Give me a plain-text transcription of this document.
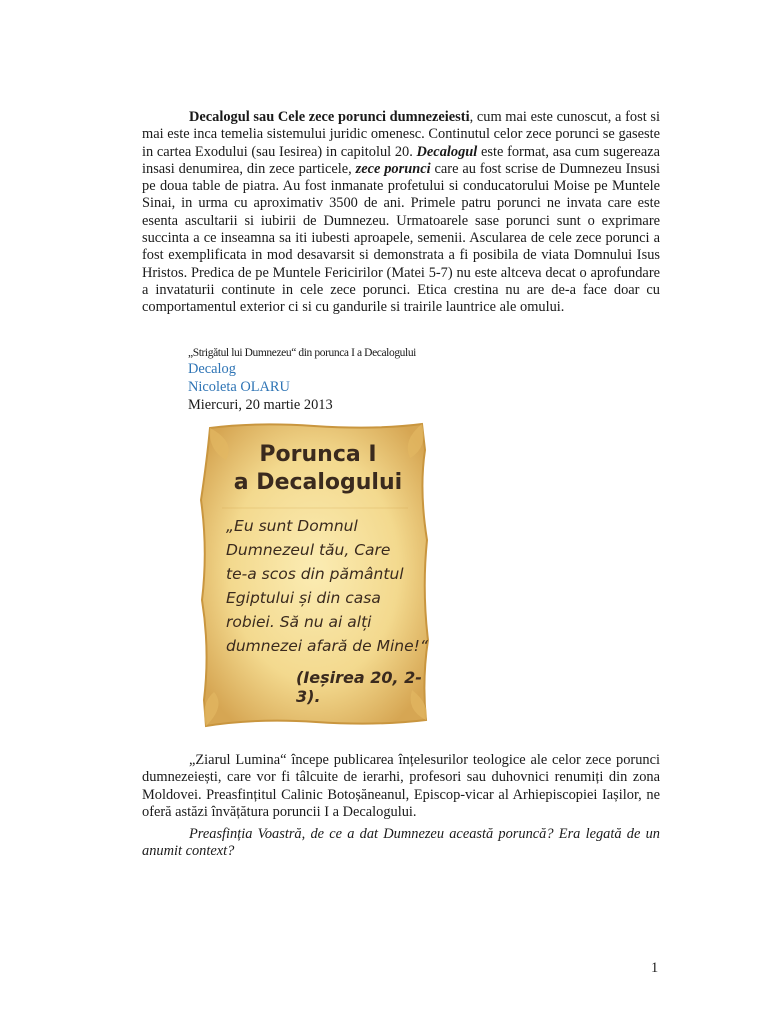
Decalogul sau Cele zece porunci dumnezeiesti, cum mai este cunoscut, a fost si mai este inca temelia sistemului juridic omenesc. Continutul celor zece porunci se gaseste in cartea Exodului (sau Iesirea) in capitolul 20. Decalogul este format, asa cum sugereaza insasi denumirea, din zece particele, zece porunci care au fost scrise de Dumnezeu Insusi pe doua table de piatra. Au fost inmanate profetului si conducatorului Moise pe Muntele Sinai, in urma cu aproximativ 3500 de ani. Primele patru porunci ne invata care este esenta ascultarii si iubirii de Dumnezeu. Urmatoarele sase porunci sunt o exprimare succinta a ce inseamna sa iti iubesti aproapele, semenii. Ascularea de cele zece porunci a fost exemplificata in mod desavarsit si demonstrata a fi posibila de viata Domnului Isus Hristos. Predica de pe Muntele Fericirilor (Matei 5-7) nu este altceva decat o aprofundare a invataturii continute in cele zece porunci. Etica crestina nu are de-a face doar cu comportamentul exterior ci si cu gandurile si trairile launtrice ale omului.

„Strigătul lui Dumnezeu“ din porunca I a Decalogului

Decalog

Nicoleta OLARU

Miercuri, 20 martie 2013

Porunca I
a Decalogului
„Eu sunt Domnul
Dumnezeul tău, Care
te-a scos din pământul
Egiptului și din casa
robiei. Să nu ai alți
dumnezei afară de Mine!“
(Ieșirea 20, 2-3).

„Ziarul Lumina“ începe publicarea înțelesurilor teologice ale celor zece porunci dumnezeiești, care vor fi tâlcuite de ierarhi, profesori sau duhovnici renumiți din zona Moldovei. Preasfințitul Calinic Botoșăneanul, Episcop-vicar al Arhiepiscopiei Iașilor, ne oferă astăzi învățătura poruncii I a Decalogului.

Preasfinția Voastră, de ce a dat Dumnezeu această poruncă? Era legată de un anumit context?

1
